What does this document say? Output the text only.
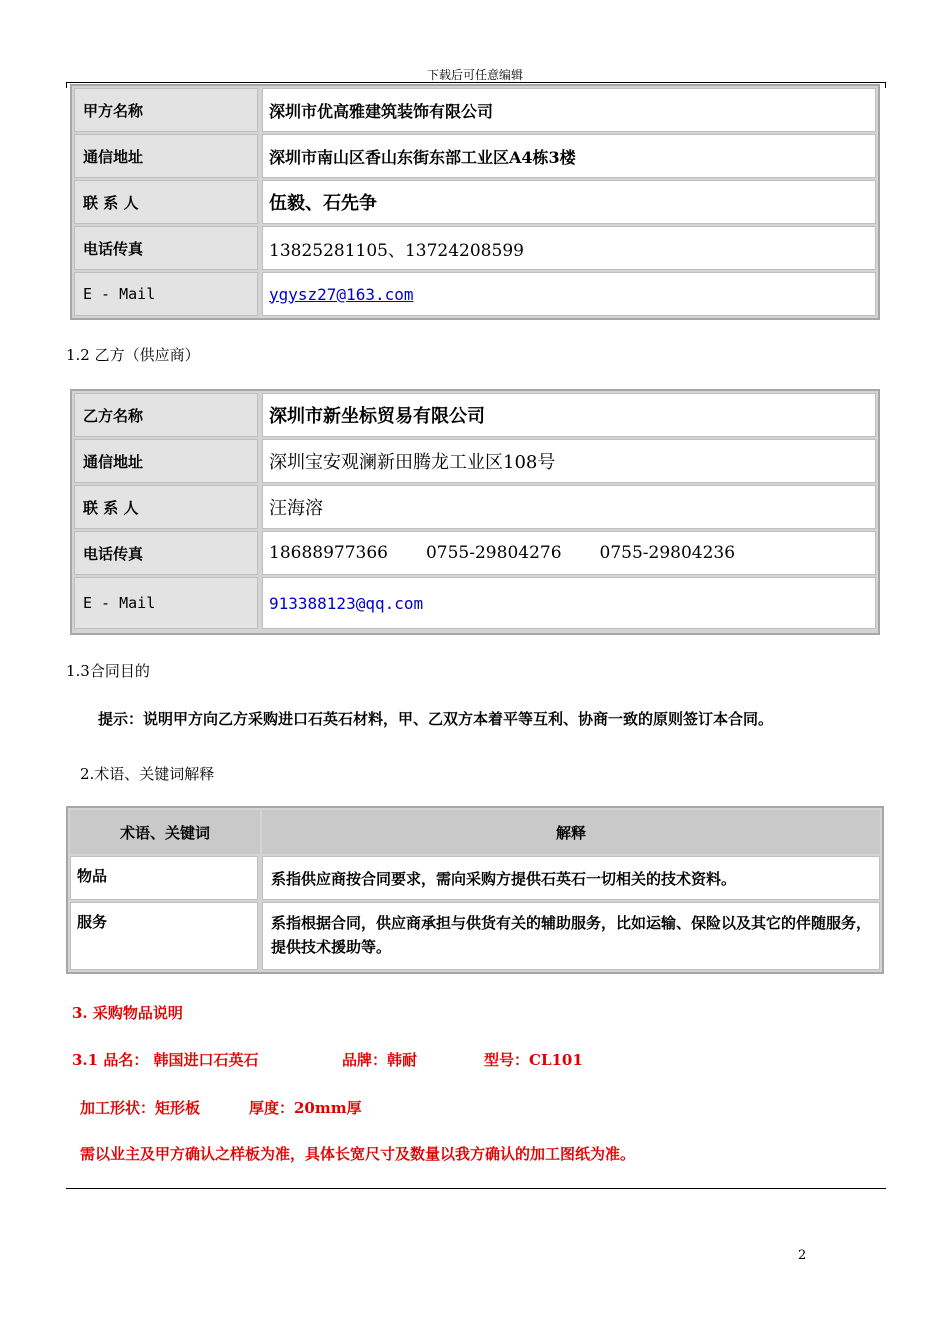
下载后可任意编辑
甲方名称	深圳市优高雅建筑装饰有限公司
通信地址	深圳市南山区香山东街东部工业区A4栋3楼
联 系 人	伍毅、石先争
电话传真	13825281105、13724208599
E - Mail	ygysz27@163.com
1.2 乙方（供应商）
乙方名称	深圳市新坐标贸易有限公司
通信地址	深圳宝安观澜新田腾龙工业区108号
联 系 人	汪海溶
电话传真	18688977366 0755-29804276 0755-29804236
E - Mail	913388123@qq.com
1.3合同目的
提示：说明甲方向乙方采购进口石英石材料，甲、乙双方本着平等互利、协商一致的原则签订本合同。
2.术语、关键词解释
术语、关键词	解释
物品	系指供应商按合同要求，需向采购方提供石英石一切相关的技术资料。
服务	系指根据合同，供应商承担与供货有关的辅助服务，比如运输、保险以及其它的伴随服务，提供技术援助等。
3. 采购物品说明
3.1 品名： 韩国进口石英石	品牌：韩耐	型号：CL101
加工形状：矩形板	厚度：20mm厚
需以业主及甲方确认之样板为准，具体长宽尺寸及数量以我方确认的加工图纸为准。
2
